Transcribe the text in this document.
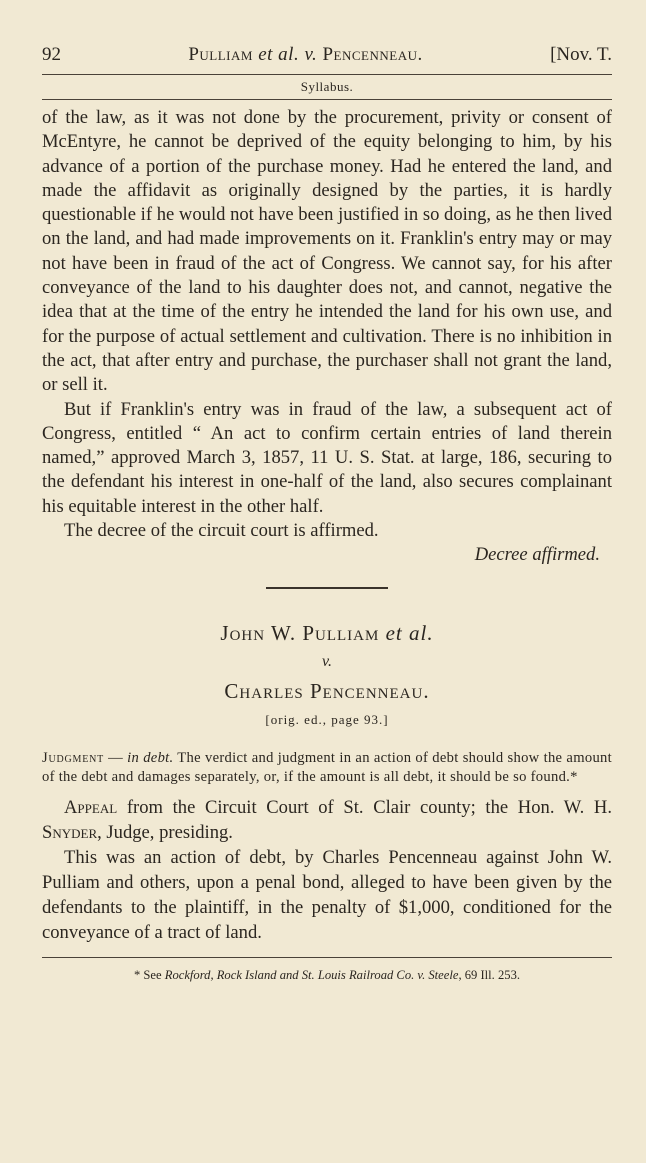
92	Pulliam et al. v. Pencenneau.	[Nov. T.
Syllabus.

of the law, as it was not done by the procurement, privity or consent of McEntyre, he cannot be deprived of the equity belonging to him, by his advance of a portion of the purchase money. Had he entered the land, and made the affidavit as originally designed by the parties, it is hardly questionable if he would not have been justified in so doing, as he then lived on the land, and had made improvements on it. Franklin's entry may or may not have been in fraud of the act of Congress. We cannot say, for his after conveyance of the land to his daughter does not, and cannot, negative the idea that at the time of the entry he intended the land for his own use, and for the purpose of actual settlement and cultivation. There is no inhibition in the act, that after entry and purchase, the purchaser shall not grant the land, or sell it.

But if Franklin's entry was in fraud of the law, a subsequent act of Congress, entitled “ An act to confirm certain entries of land therein named,” approved March 3, 1857, 11 U. S. Stat. at large, 186, securing to the defendant his interest in one-half of the land, also secures complainant his equitable interest in the other half.

The decree of the circuit court is affirmed.

Decree affirmed.
John W. Pulliam et al.
v.
Charles Pencenneau.
[orig. ed., page 93.]
Judgment — in debt. The verdict and judgment in an action of debt should show the amount of the debt and damages separately, or, if the amount is all debt, it should be so found.*

Appeal from the Circuit Court of St. Clair county; the Hon. W. H. Snyder, Judge, presiding.

This was an action of debt, by Charles Pencenneau against John W. Pulliam and others, upon a penal bond, alleged to have been given by the defendants to the plaintiff, in the penalty of $1,000, conditioned for the conveyance of a tract of land.

* See Rockford, Rock Island and St. Louis Railroad Co. v. Steele, 69 Ill. 253.
